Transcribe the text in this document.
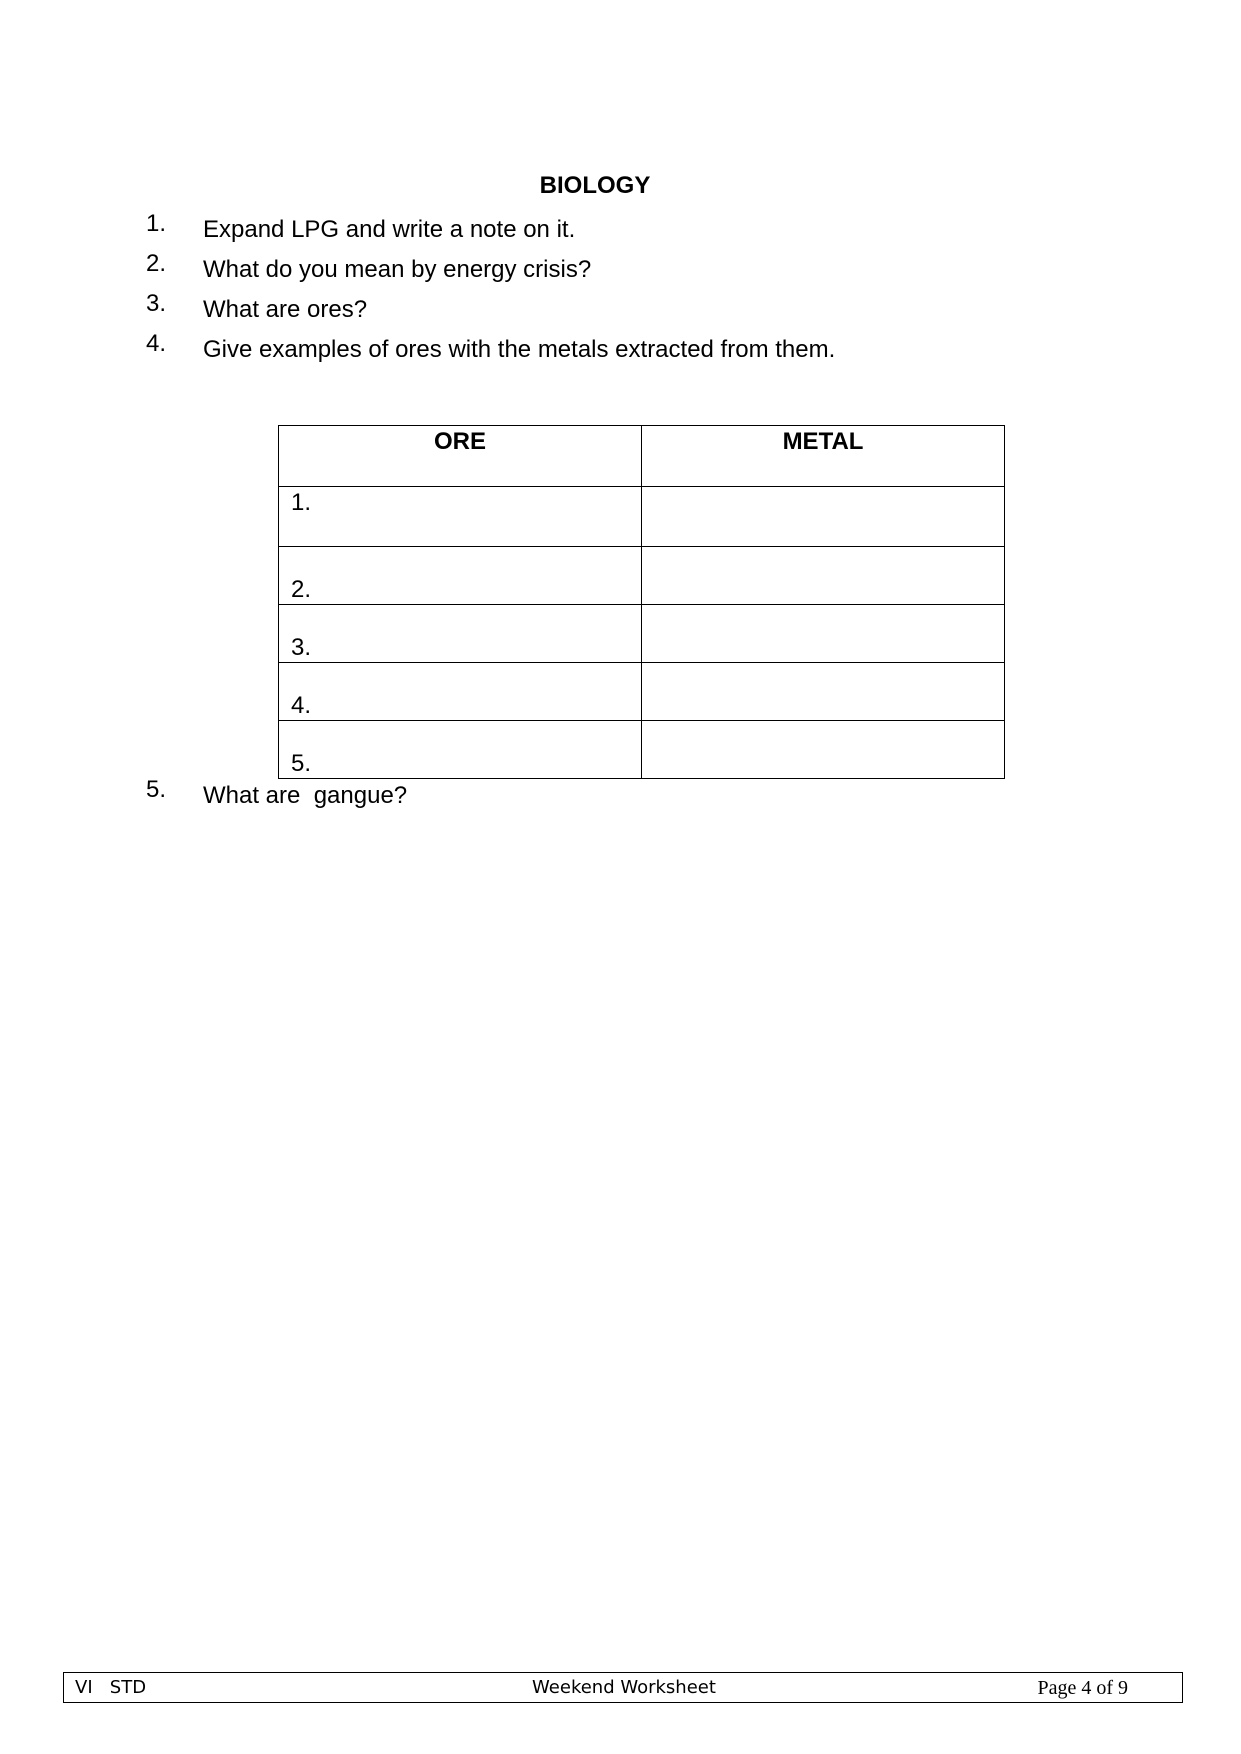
BIOLOGY
1. Expand LPG and write a note on it.
2. What do you mean by energy crisis?
3. What are ores?
4. Give examples of ores with the metals extracted from them.
ORE	METAL
1.	
2.	
3.	
4.	
5.	
5. What are  gangue?
VI   STD	Weekend Worksheet	Page 4 of 9
